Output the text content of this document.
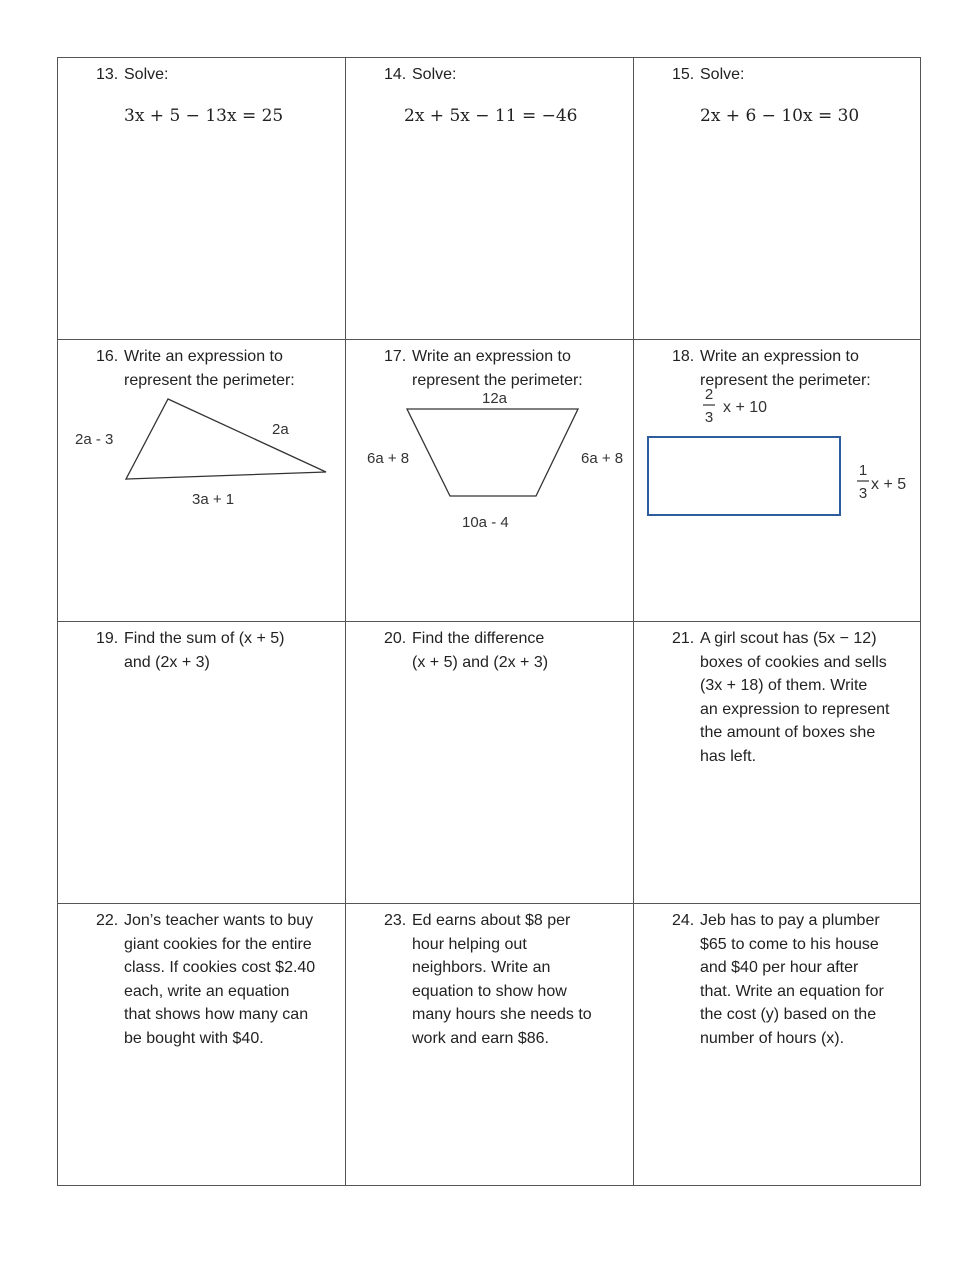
13. Solve:
3x + 5 − 13x = 25
14. Solve:
2x + 5x − 11 = −46
15. Solve:
2x + 6 − 10x = 30
16. Write an expression to
represent the perimeter:
2a - 3
2a
3a + 1
17. Write an expression to
represent the perimeter:
12a
6a + 8	6a + 8
10a - 4
18. Write an expression to
represent the perimeter:
2
3
x + 10
1
3
x + 5
19. Find the sum of (x + 5)
and (2x + 3)
20. Find the difference
(x + 5) and (2x + 3)
21. A girl scout has (5x − 12)
boxes of cookies and sells
(3x + 18) of them. Write
an expression to represent
the amount of boxes she
has left.
22. Jon’s teacher wants to buy
giant cookies for the entire
class. If cookies cost $2.40
each, write an equation
that shows how many can
be bought with $40.
23. Ed earns about $8 per
hour helping out
neighbors. Write an
equation to show how
many hours she needs to
work and earn $86.
24. Jeb has to pay a plumber
$65 to come to his house
and $40 per hour after
that. Write an equation for
the cost (y) based on the
number of hours (x).
